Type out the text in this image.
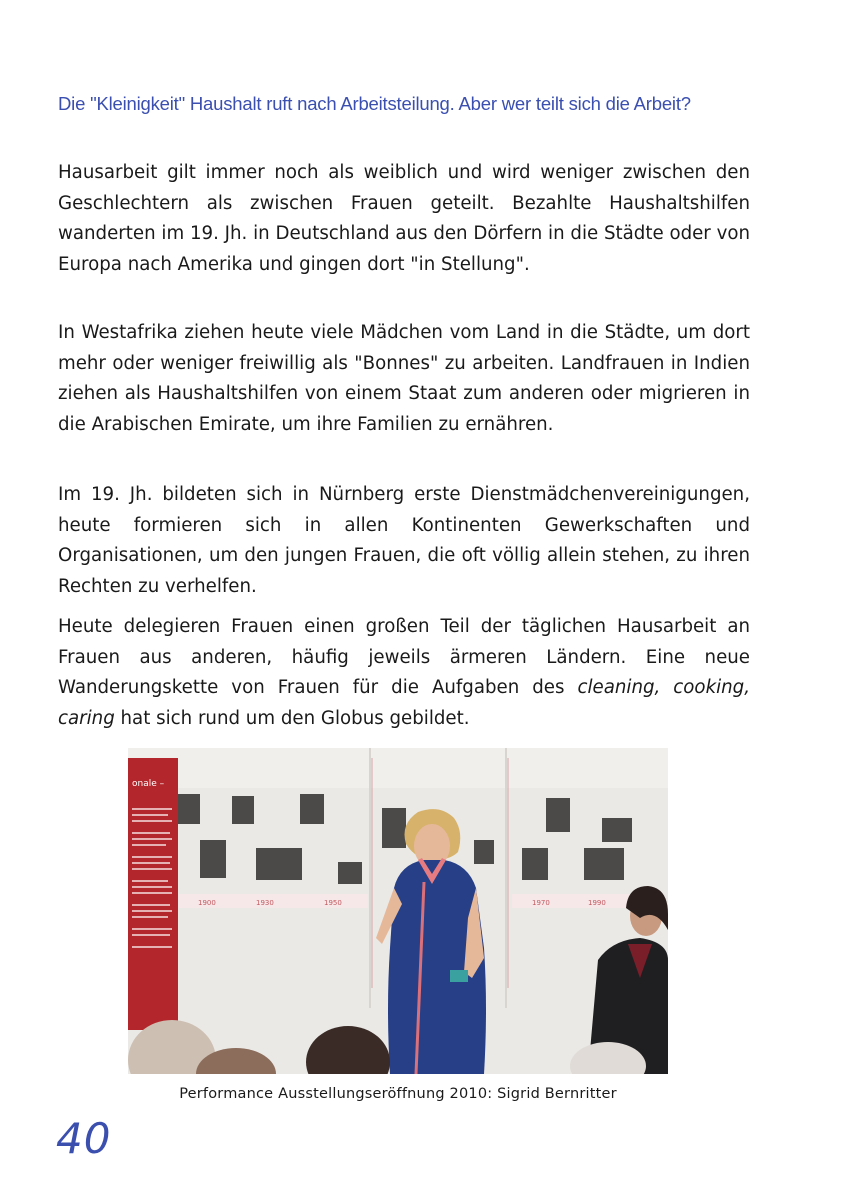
Die "Kleinigkeit" Haushalt ruft nach Arbeitsteilung. Aber wer teilt sich die Arbeit?

Hausarbeit gilt immer noch als weiblich und wird weniger zwischen den Geschlechtern als zwischen Frauen geteilt. Bezahlte Haushaltshilfen wanderten im 19. Jh. in Deutschland aus den Dörfern in die Städte oder von Europa nach Amerika und gingen dort "in Stellung".

In Westafrika ziehen heute viele Mädchen vom Land in die Städte, um dort mehr oder weniger freiwillig als "Bonnes" zu arbeiten. Landfrauen in Indien ziehen als Haushaltshilfen von einem Staat zum anderen oder migrieren in die Arabischen Emirate, um ihre Familien zu ernähren.

Im 19. Jh. bildeten sich in Nürnberg erste Dienstmädchenvereinigungen, heute formieren sich in allen Kontinenten Gewerkschaften und Organisationen, um den jungen Frauen, die oft völlig allein stehen, zu ihren Rechten zu verhelfen.

Heute delegieren Frauen einen großen Teil der täglichen Hausarbeit an Frauen aus anderen, häufig jeweils ärmeren Ländern. Eine neue Wanderungskette von Frauen für die Aufgaben des cleaning, cooking, caring hat sich rund um den Globus gebildet.

onale –
1900	1930	1950	1970	1990
Performance Ausstellungseröffnung 2010: Sigrid Bernritter
40
